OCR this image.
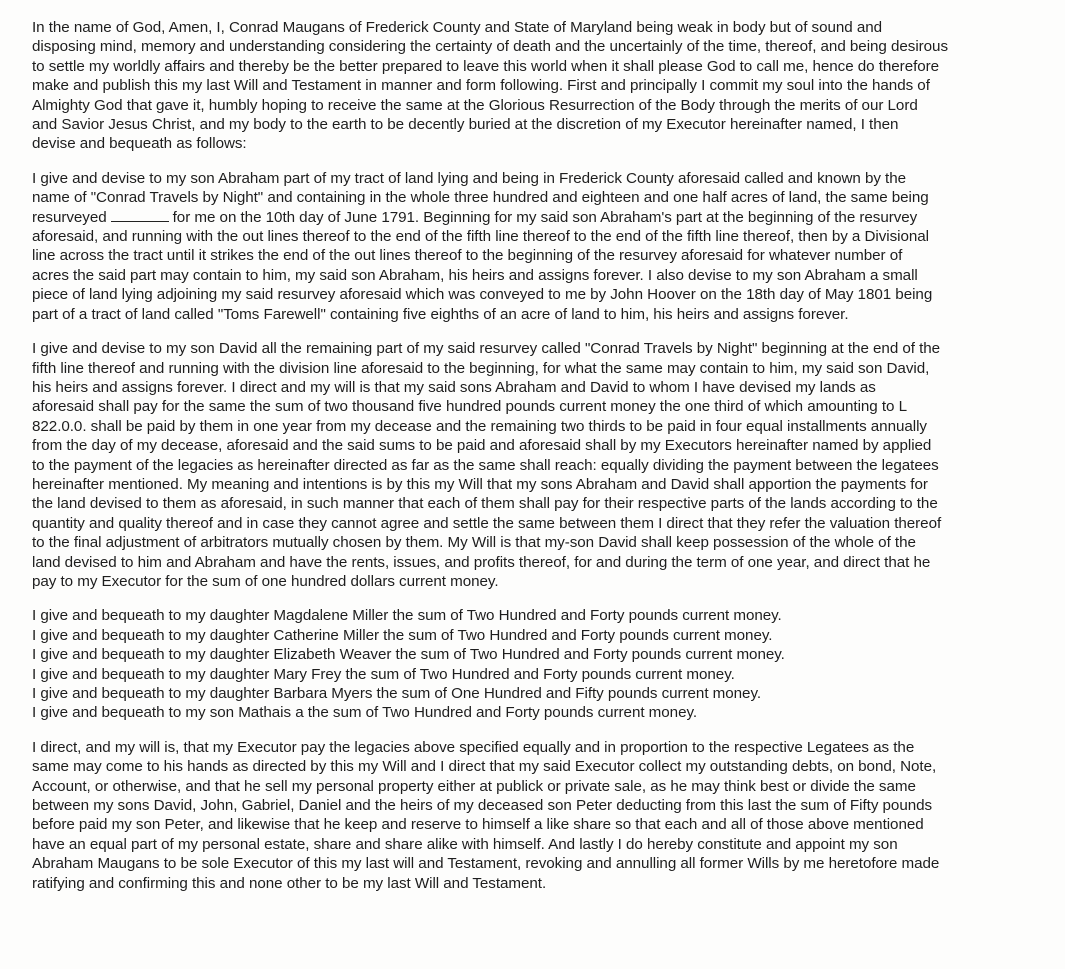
In the name of God, Amen, I, Conrad Maugans of Frederick County and State of Maryland being weak in body but of sound and
disposing mind, memory and understanding considering the certainty of death and the uncertainly of the time, thereof, and being desirous
to settle my worldly affairs and thereby be the better prepared to leave this world when it shall please God to call me, hence do therefore
make and publish this my last Will and Testament in manner and form following. First and principally I commit my soul into the hands of
Almighty God that gave it, humbly hoping to receive the same at the Glorious Resurrection of the Body through the merits of our Lord
and Savior Jesus Christ, and my body to the earth to be decently buried at the discretion of my Executor hereinafter named, I then
devise and bequeath as follows:
I give and devise to my son Abraham part of my tract of land lying and being in Frederick County aforesaid called and known by the
name of "Conrad Travels by Night" and containing in the whole three hundred and eighteen and one half acres of land, the same being
resurveyed	for me on the 10th day of June 1791. Beginning for my said son Abraham's part at the beginning of the resurvey
aforesaid, and running with the out lines thereof to the end of the fifth line thereof to the end of the fifth line thereof, then by a Divisional
line across the tract until it strikes the end of the out lines thereof to the beginning of the resurvey aforesaid for whatever number of
acres the said part may contain to him, my said son Abraham, his heirs and assigns forever. I also devise to my son Abraham a small
piece of land lying adjoining my said resurvey aforesaid which was conveyed to me by John Hoover on the 18th day of May 1801 being
part of a tract of land called "Toms Farewell" containing five eighths of an acre of land to him, his heirs and assigns forever.
I give and devise to my son David all the remaining part of my said resurvey called "Conrad Travels by Night" beginning at the end of the
fifth line thereof and running with the division line aforesaid to the beginning, for what the same may contain to him, my said son David,
his heirs and assigns forever. I direct and my will is that my said sons Abraham and David to whom I have devised my lands as
aforesaid shall pay for the same the sum of two thousand five hundred pounds current money the one third of which amounting to L
822.0.0. shall be paid by them in one year from my decease and the remaining two thirds to be paid in four equal installments annually
from the day of my decease, aforesaid and the said sums to be paid and aforesaid shall by my Executors hereinafter named by applied
to the payment of the legacies as hereinafter directed as far as the same shall reach: equally dividing the payment between the legatees
hereinafter mentioned. My meaning and intentions is by this my Will that my sons Abraham and David shall apportion the payments for
the land devised to them as aforesaid, in such manner that each of them shall pay for their respective parts of the lands according to the
quantity and quality thereof and in case they cannot agree and settle the same between them I direct that they refer the valuation thereof
to the final adjustment of arbitrators mutually chosen by them. My Will is that my-son David shall keep possession of the whole of the
land devised to him and Abraham and have the rents, issues, and profits thereof, for and during the term of one year, and direct that he
pay to my Executor for the sum of one hundred dollars current money.
I give and bequeath to my daughter Magdalene Miller the sum of Two Hundred and Forty pounds current money.
I give and bequeath to my daughter Catherine Miller the sum of Two Hundred and Forty pounds current money.
I give and bequeath to my daughter Elizabeth Weaver the sum of Two Hundred and Forty pounds current money.
I give and bequeath to my daughter Mary Frey the sum of Two Hundred and Forty pounds current money.
I give and bequeath to my daughter Barbara Myers the sum of One Hundred and Fifty pounds current money.
I give and bequeath to my son Mathais a the sum of Two Hundred and Forty pounds current money.
I direct, and my will is, that my Executor pay the legacies above specified equally and in proportion to the respective Legatees as the
same may come to his hands as directed by this my Will and I direct that my said Executor collect my outstanding debts, on bond, Note,
Account, or otherwise, and that he sell my personal property either at publick or private sale, as he may think best or divide the same
between my sons David, John, Gabriel, Daniel and the heirs of my deceased son Peter deducting from this last the sum of Fifty pounds
before paid my son Peter, and likewise that he keep and reserve to himself a like share so that each and all of those above mentioned
have an equal part of my personal estate, share and share alike with himself. And lastly I do hereby constitute and appoint my son
Abraham Maugans to be sole Executor of this my last will and Testament, revoking and annulling all former Wills by me heretofore made
ratifying and confirming this and none other to be my last Will and Testament.
